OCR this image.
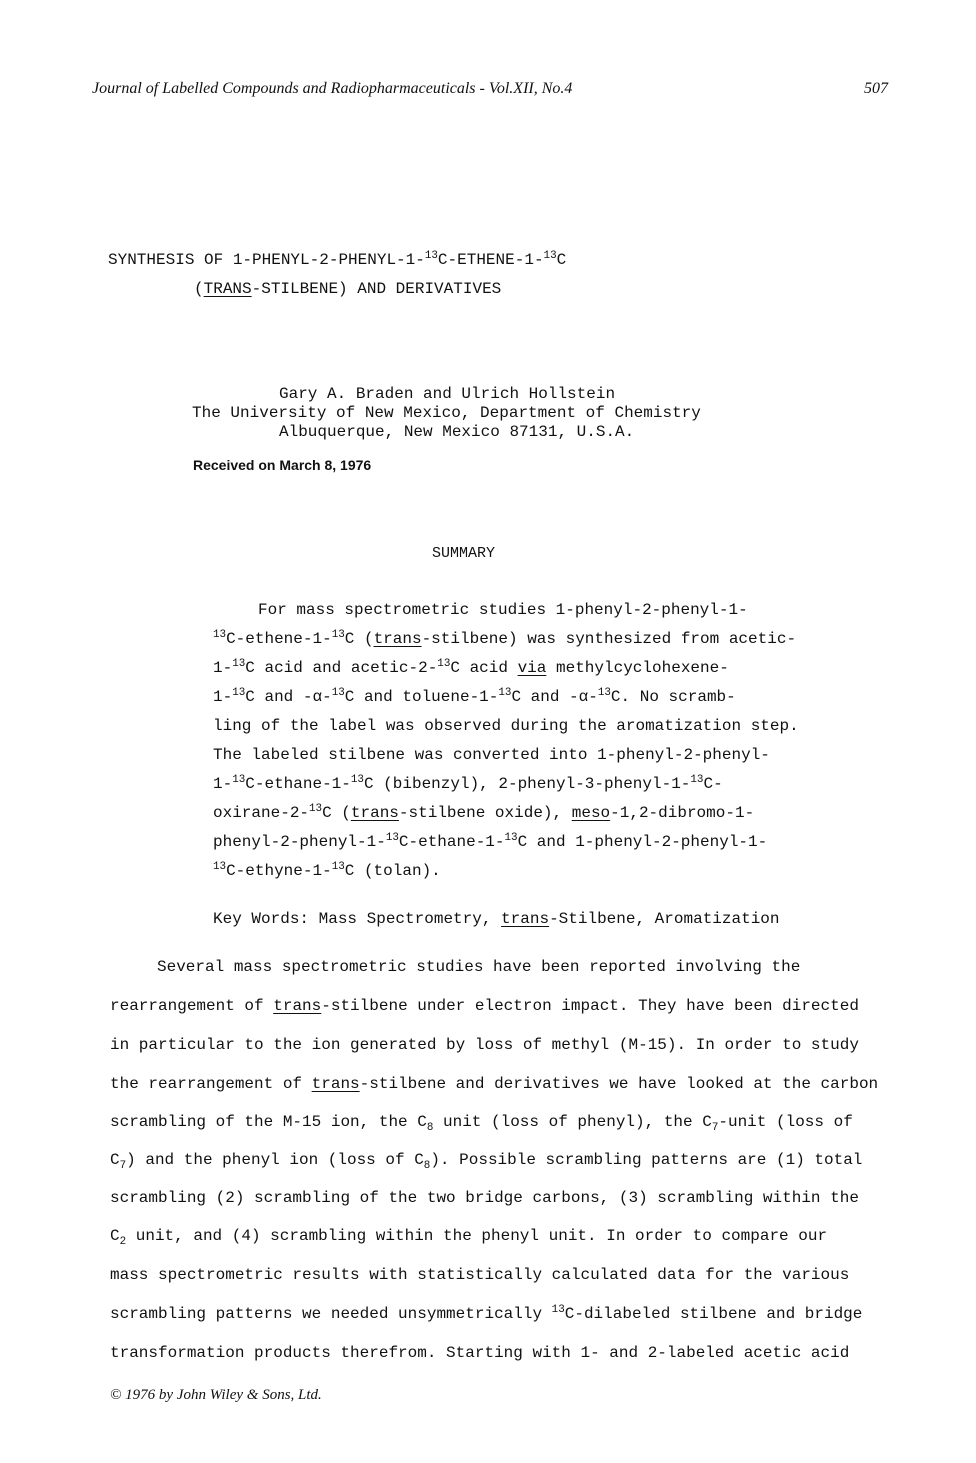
Journal of Labelled Compounds and Radiopharmaceuticals - Vol.XII, No.4	507
SYNTHESIS OF 1-PHENYL-2-PHENYL-1-$^{13}$C-ETHENE-1-$^{13}$C
(TRANS-STILBENE) AND DERIVATIVES
Gary A. Braden and Ulrich Hollstein
The University of New Mexico, Department of Chemistry
Albuquerque, New Mexico 87131, U.S.A.
Received on March 8, 1976
SUMMARY
For mass spectrometric studies 1-phenyl-2-phenyl-1-
$^{13}$C-ethene-1-$^{13}$C (trans-stilbene) was synthesized from acetic-
1-$^{13}$C acid and acetic-2-$^{13}$C acid via methylcyclohexene-
1-$^{13}$C and -α-$^{13}$C and toluene-1-$^{13}$C and -α-$^{13}$C. No scramb-
ling of the label was observed during the aromatization step.
The labeled stilbene was converted into 1-phenyl-2-phenyl-
1-$^{13}$C-ethane-1-$^{13}$C (bibenzyl), 2-phenyl-3-phenyl-1-$^{13}$C-
oxirane-2-$^{13}$C (trans-stilbene oxide), meso-1,2-dibromo-1-
phenyl-2-phenyl-1-$^{13}$C-ethane-1-$^{13}$C and 1-phenyl-2-phenyl-1-
$^{13}$C-ethyne-1-$^{13}$C (tolan).
Key Words: Mass Spectrometry, trans-Stilbene, Aromatization
Several mass spectrometric studies have been reported involving the
rearrangement of trans-stilbene under electron impact. They have been directed
in particular to the ion generated by loss of methyl (M-15). In order to study
the rearrangement of trans-stilbene and derivatives we have looked at the carbon
scrambling of the M-15 ion, the $C_8$ unit (loss of phenyl), the $C_7$-unit (loss of
$C_7$) and the phenyl ion (loss of $C_8$). Possible scrambling patterns are (1) total
scrambling (2) scrambling of the two bridge carbons, (3) scrambling within the
$C_2$ unit, and (4) scrambling within the phenyl unit. In order to compare our
mass spectrometric results with statistically calculated data for the various
scrambling patterns we needed unsymmetrically $^{13}$C-dilabeled stilbene and bridge
transformation products therefrom. Starting with 1- and 2-labeled acetic acid
© 1976 by John Wiley & Sons, Ltd.
